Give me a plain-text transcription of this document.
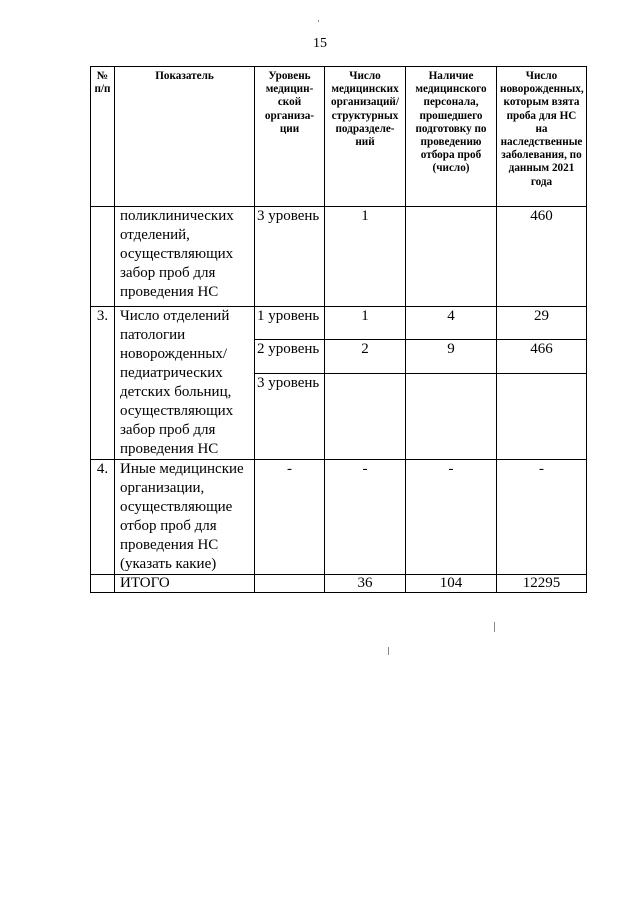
15
№ п/п	Показатель	Уровень медицин-ской организа-ции	Число медицинских организаций/ структурных подразделе-ний	Наличие медицинского персонала, прошедшего подготовку по проведению отбора проб (число)	Число новорожденных, которым взята проба для НС на наследственные заболевания, по данным 2021 года
	поликлинических отделений, осуществляющих забор проб для проведения НС	3 уровень	1		460
3.	Число отделений патологии новорожденных/ педиатрических детских больниц, осуществляющих забор проб для проведения НС	1 уровень	1	4	29
		2 уровень	2	9	466
		3 уровень			
4.	Иные медицинские организации, осуществляющие отбор проб для проведения НС (указать какие)	-	-	-	-
	ИТОГО		36	104	12295
